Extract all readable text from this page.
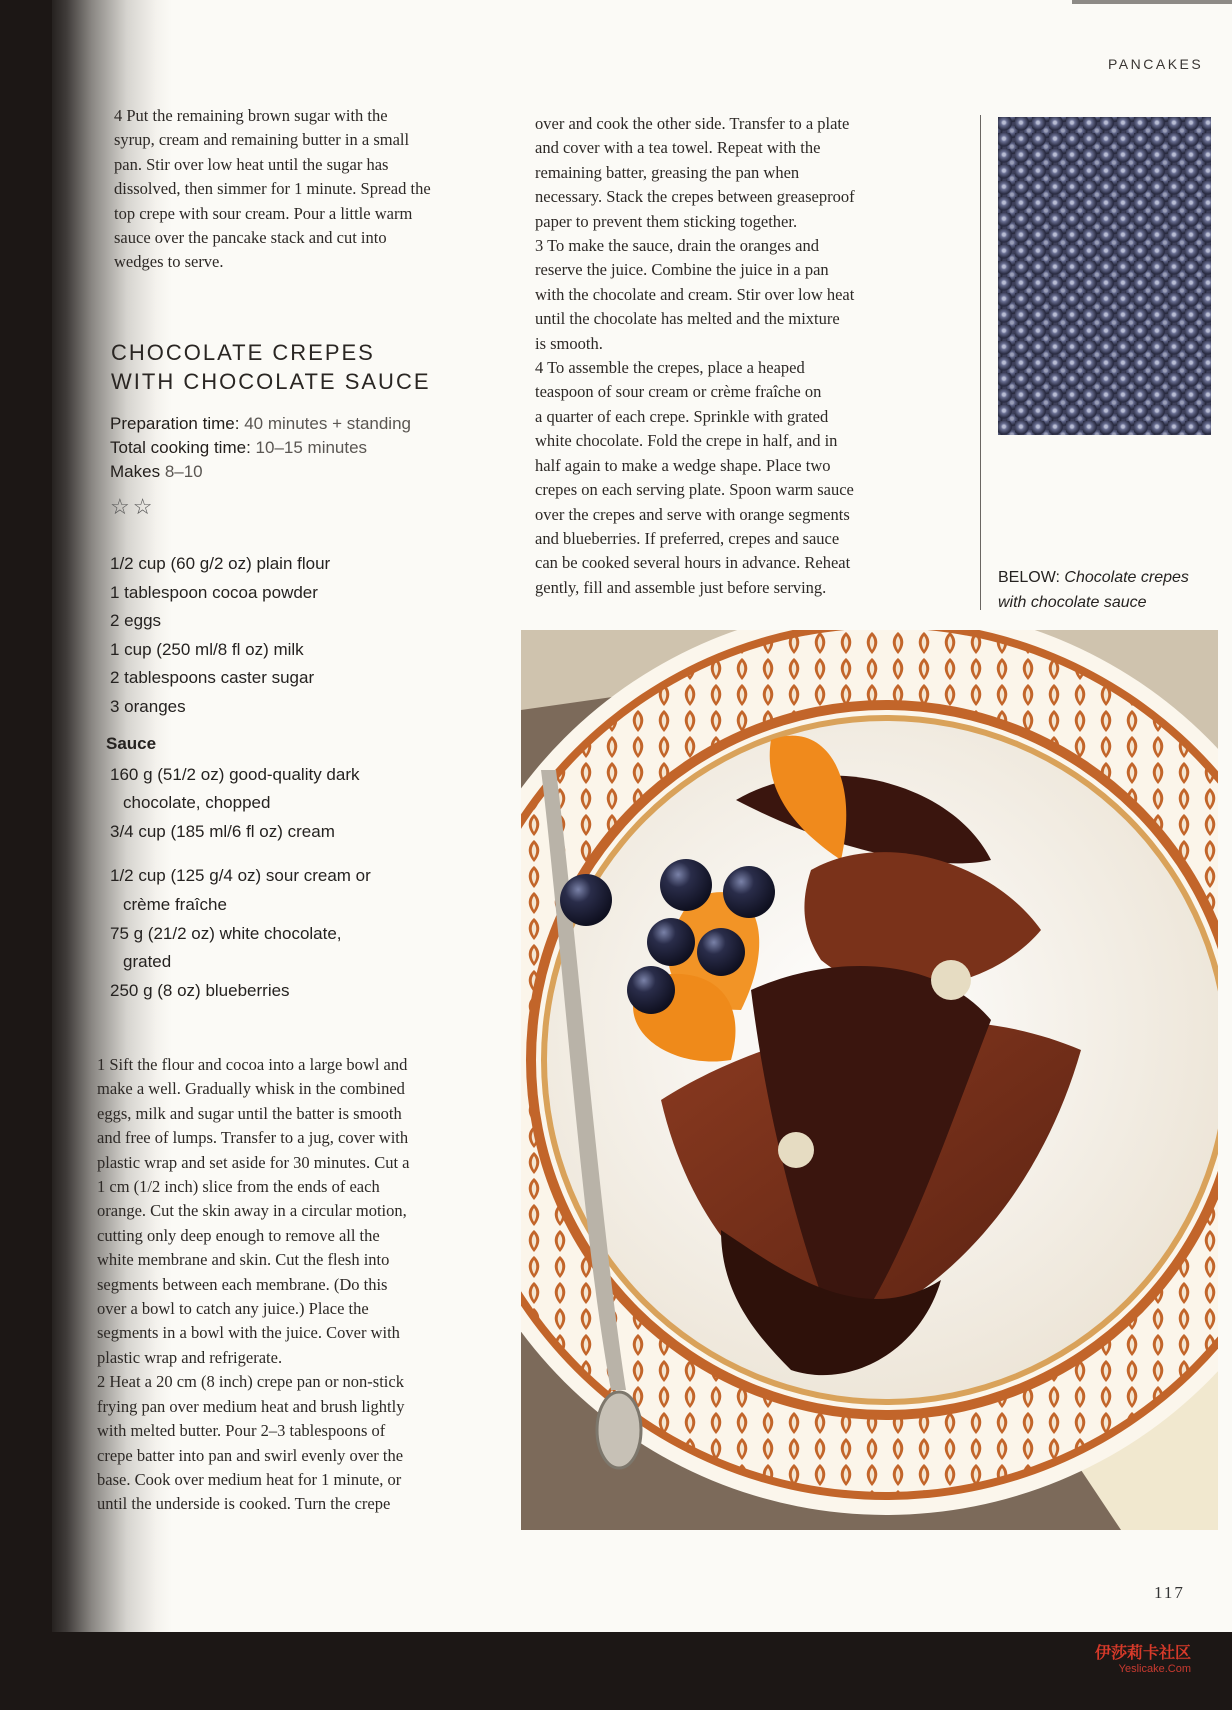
PANCAKES
4 Put the remaining brown sugar with the
syrup, cream and remaining butter in a small
pan. Stir over low heat until the sugar has
dissolved, then simmer for 1 minute. Spread the
top crepe with sour cream. Pour a little warm
sauce over the pancake stack and cut into
wedges to serve.
CHOCOLATE CREPES
WITH CHOCOLATE SAUCE
Preparation time: 40 minutes + standing
Total cooking time: 10–15 minutes
Makes 8–10
☆☆
1/2 cup (60 g/2 oz) plain flour
1 tablespoon cocoa powder
2 eggs
1 cup (250 ml/8 fl oz) milk
2 tablespoons caster sugar
3 oranges
Sauce
160 g (51/2 oz) good-quality dark
chocolate, chopped
3/4 cup (185 ml/6 fl oz) cream
1/2 cup (125 g/4 oz) sour cream or
crème fraîche
75 g (21/2 oz) white chocolate,
grated
250 g (8 oz) blueberries
1 Sift the flour and cocoa into a large bowl and
make a well. Gradually whisk in the combined
eggs, milk and sugar until the batter is smooth
and free of lumps. Transfer to a jug, cover with
plastic wrap and set aside for 30 minutes. Cut a
1 cm (1/2 inch) slice from the ends of each
orange. Cut the skin away in a circular motion,
cutting only deep enough to remove all the
white membrane and skin. Cut the flesh into
segments between each membrane. (Do this
over a bowl to catch any juice.) Place the
segments in a bowl with the juice. Cover with
plastic wrap and refrigerate.
2 Heat a 20 cm (8 inch) crepe pan or non-stick
frying pan over medium heat and brush lightly
with melted butter. Pour 2–3 tablespoons of
crepe batter into pan and swirl evenly over the
base. Cook over medium heat for 1 minute, or
until the underside is cooked. Turn the crepe
over and cook the other side. Transfer to a plate
and cover with a tea towel. Repeat with the
remaining batter, greasing the pan when
necessary. Stack the crepes between greaseproof
paper to prevent them sticking together.
3 To make the sauce, drain the oranges and
reserve the juice. Combine the juice in a pan
with the chocolate and cream. Stir over low heat
until the chocolate has melted and the mixture
is smooth.
4 To assemble the crepes, place a heaped
teaspoon of sour cream or crème fraîche on
a quarter of each crepe. Sprinkle with grated
white chocolate. Fold the crepe in half, and in
half again to make a wedge shape. Place two
crepes on each serving plate. Spoon warm sauce
over the crepes and serve with orange segments
and blueberries. If preferred, crepes and sauce
can be cooked several hours in advance. Reheat
gently, fill and assemble just before serving.
BELOW: Chocolate crepes
with chocolate sauce
117
伊莎莉卡社区
Yeslicake.Com
